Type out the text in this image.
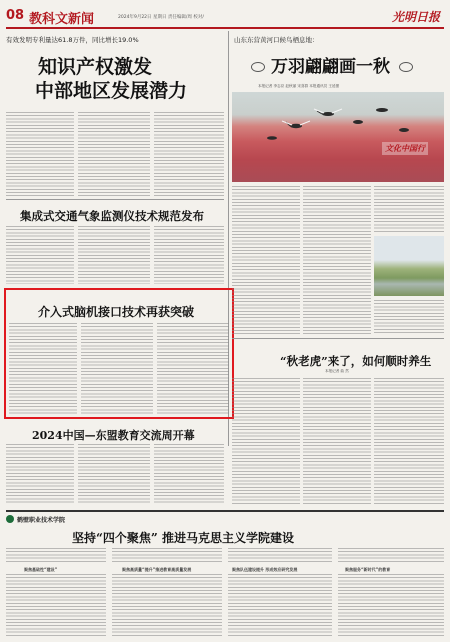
08 教科文新闻	2024年9月22日 星期日 责任编辑/周 校对/	光明日报
有效发明专利量达61.8万件，同比增长19.0%
知识产权激发
中部地区发展潜力
集成式交通气象监测仪技术规范发布
介入式脑机接口技术再获突破
2024中国—东盟教育交流周开幕
山东东营黄河口候鸟栖息地：
万羽翩翩画一秋
本报记者 李志臣 赵秋丽 宋喜群 本报通讯员 王延蕾
文化中国行
“秋老虎”来了，如何顺时养生
本报记者 曲 然
鹤壁职业技术学院
坚持“四个聚焦” 推进马克思主义学院建设
聚焦基础性“建设”	聚焦高质量“提升”推进教育高质量发展	聚焦队伍建设提升 形成效应研究发展	聚焦服务“新时代”的教育
